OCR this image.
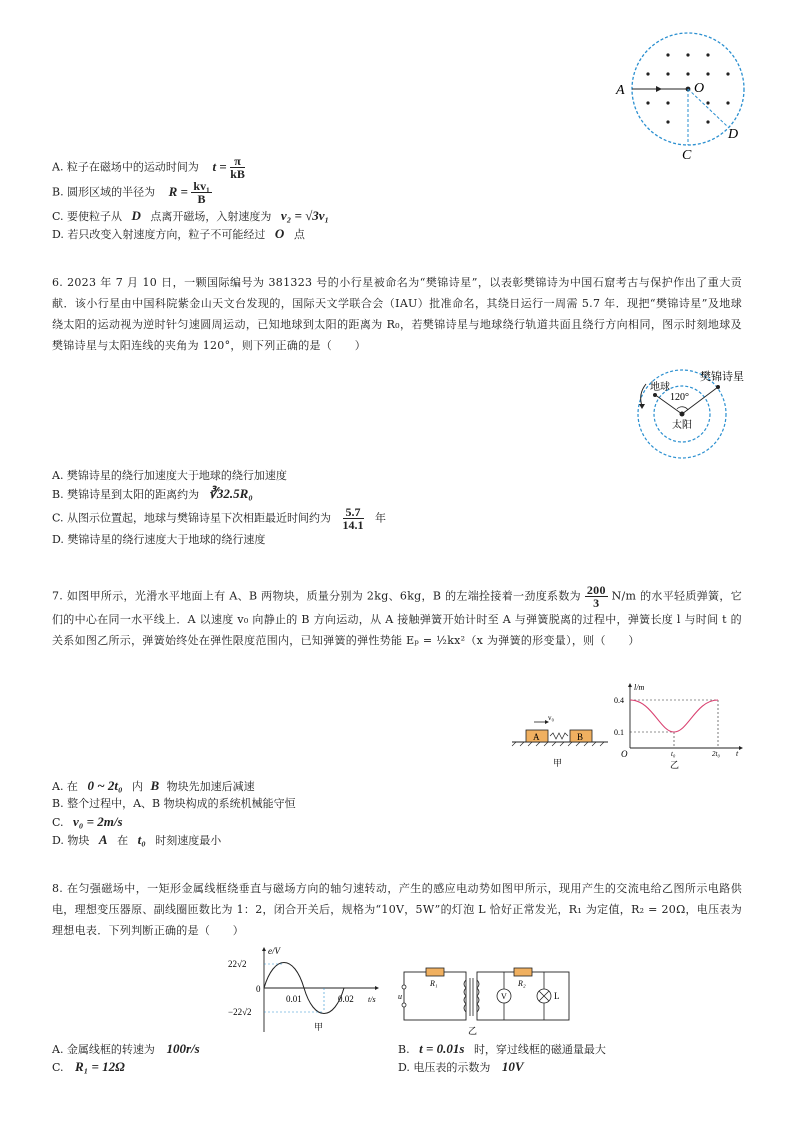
A	O
C
D
A. 粒子在磁场中的运动时间为 $t = \frac{\pi}{kB}$
B. 圆形区域的半径为 $R = \frac{\text{kv₁}}{B}$
C. 要使粒子从 D 点离开磁场，入射速度为 v₂ = √3v₁
D. 若只改变入射速度方向，粒子不可能经过 O 点
6. 2023 年 7 月 10 日，一颗国际编号为 381323 号的小行星被命名为“樊锦诗星”，以表彰樊锦诗为中国石窟考古与保护作出了重大贡献．该小行星由中国科院紫金山天文台发现的，国际天文学联合会（IAU）批准命名，其绕日运行一周需 5.7 年．现把“樊锦诗星”及地球绕太阳的运动视为逆时针匀速圆周运动，已知地球到太阳的距离为 R₀，若樊锦诗星与地球绕行轨道共面且绕行方向相同，图示时刻地球及樊锦诗星与太阳连线的夹角为 120°，则下列正确的是（　　）
樊锦诗星
地球
120°
太阳
A. 樊锦诗星的绕行加速度大于地球的绕行加速度
B. 樊锦诗星到太阳的距离约为 ∛32.5R₀
C. 从图示位置起，地球与樊锦诗星下次相距最近时间约为 $\frac{5.7}{14.1}$ 年
D. 樊锦诗星的绕行速度大于地球的绕行速度
7. 如图甲所示，光滑水平地面上有 A、B 两物块，质量分别为 2kg、6kg，B 的左端拴接着一劲度系数为 $\frac{200}{3} N/m$ 的水平轻质弹簧，它们的中心在同一水平线上．A 以速度 v₀ 向静止的 B 方向运动，从 A 接触弹簧开始计时至 A 与弹簧脱离的过程中，弹簧长度 l 与时间 t 的关系如图乙所示，弹簧始终处在弹性限度范围内，已知弹簧的弹性势能 Eₚ = ½kx²（x 为弹簧的形变量），则（　　）
v₀
A	B
甲
l/m
0.4
0.1
O	t₀	2t₀ t
乙
A. 在 0 ~ 2t₀ 内 B 物块先加速后减速
B. 整个过程中，A、B 物块构成的系统机械能守恒
C. v₀ = 2m/s
D. 物块 A 在 t₀ 时刻速度最小
8. 在匀强磁场中，一矩形金属线框绕垂直与磁场方向的轴匀速转动，产生的感应电动势如图甲所示，现用产生的交流电给乙图所示电路供电，理想变压器原、副线圈匝数比为 1：2，闭合开关后，规格为“10V，5W”的灯泡 L 恰好正常发光，R₁ 为定值，R₂ = 20Ω，电压表为理想电表．下列判断正确的是（　　）
e/V
22√2
−22√2
0
0.01	0.02 t/s
甲
u
R₁	R₂
V	L
乙
A. 金属线框的转速为 100r/s	B. t = 0.01s 时，穿过线框的磁通量最大
C. R₁ = 12Ω	D. 电压表的示数为 10V
